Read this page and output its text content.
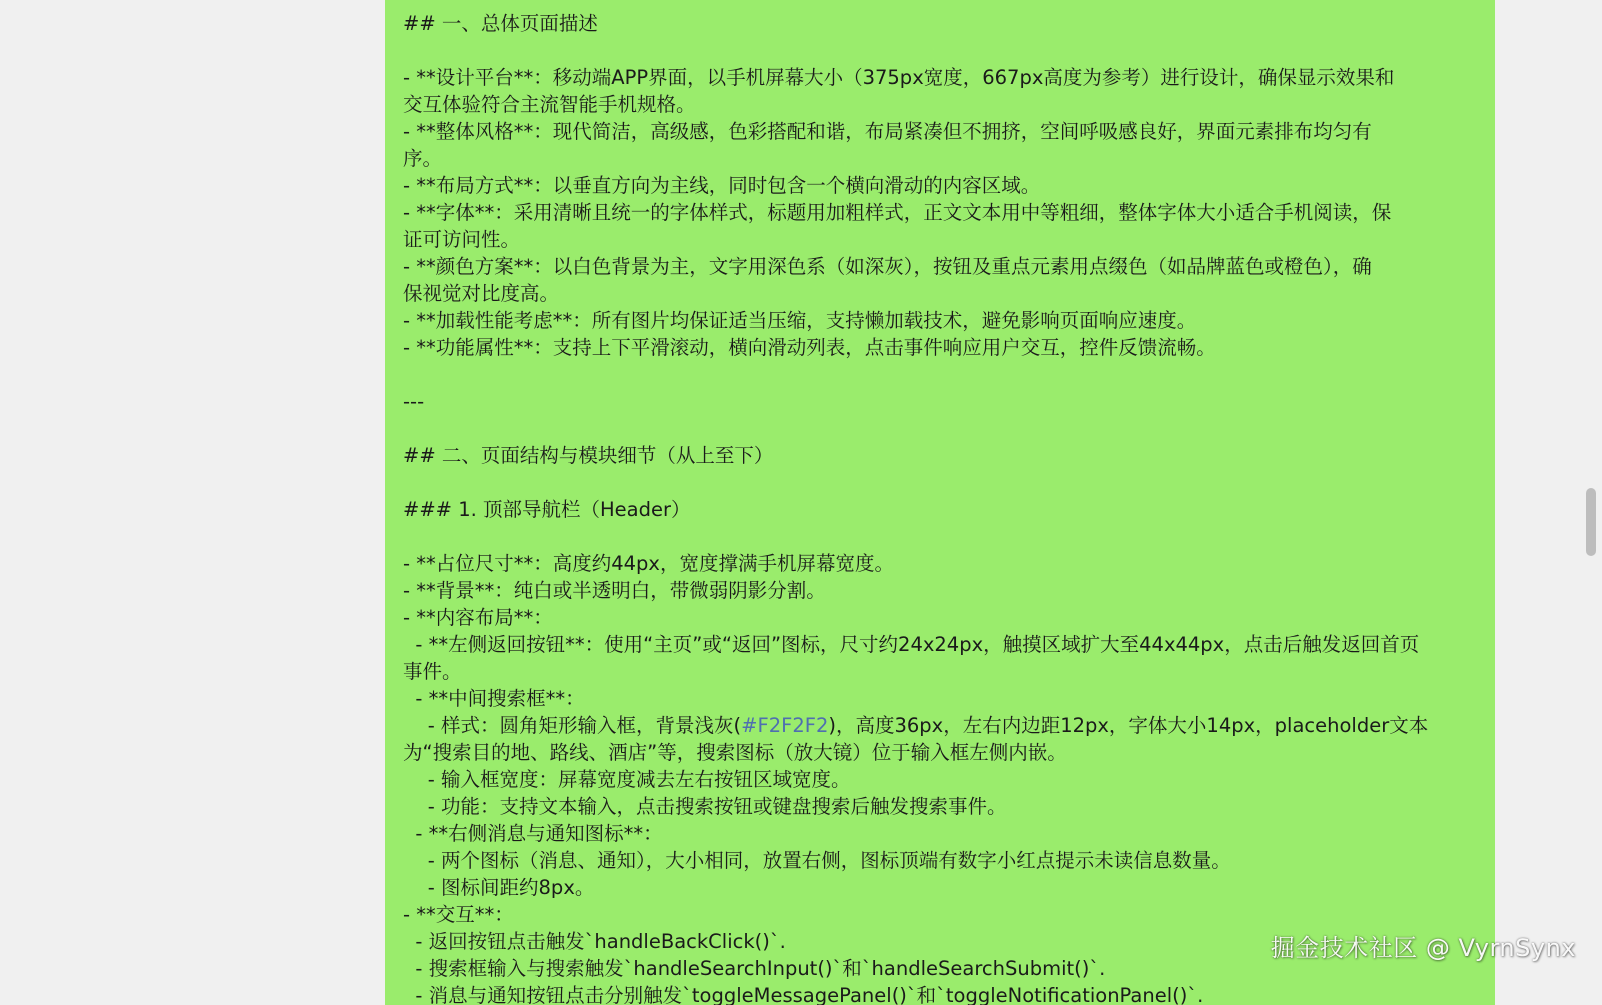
## 一、总体页面描述
- **设计平台**：移动端APP界面，以手机屏幕大小（375px宽度，667px高度为参考）进行设计，确保显示效果和
交互体验符合主流智能手机规格。
- **整体风格**：现代简洁，高级感，色彩搭配和谐，布局紧凑但不拥挤，空间呼吸感良好，界面元素排布均匀有
序。
- **布局方式**：以垂直方向为主线，同时包含一个横向滑动的内容区域。
- **字体**：采用清晰且统一的字体样式，标题用加粗样式，正文文本用中等粗细，整体字体大小适合手机阅读，保
证可访问性。
- **颜色方案**：以白色背景为主，文字用深色系（如深灰），按钮及重点元素用点缀色（如品牌蓝色或橙色），确
保视觉对比度高。
- **加载性能考虑**：所有图片均保证适当压缩，支持懒加载技术，避免影响页面响应速度。
- **功能属性**：支持上下平滑滚动，横向滑动列表，点击事件响应用户交互，控件反馈流畅。
---
## 二、页面结构与模块细节（从上至下）
### 1. 顶部导航栏（Header）
- **占位尺寸**：高度约44px，宽度撑满手机屏幕宽度。
- **背景**：纯白或半透明白，带微弱阴影分割。
- **内容布局**：
- **左侧返回按钮**：使用“主页”或“返回”图标，尺寸约24x24px，触摸区域扩大至44x44px，点击后触发返回首页
事件。
- **中间搜索框**：
- 样式：圆角矩形输入框，背景浅灰(#F2F2F2)，高度36px，左右内边距12px，字体大小14px，placeholder文本
为“搜索目的地、路线、酒店”等，搜索图标（放大镜）位于输入框左侧内嵌。
- 输入框宽度：屏幕宽度减去左右按钮区域宽度。
- 功能：支持文本输入，点击搜索按钮或键盘搜索后触发搜索事件。
- **右侧消息与通知图标**：
- 两个图标（消息、通知），大小相同，放置右侧，图标顶端有数字小红点提示未读信息数量。
- 图标间距约8px。
- **交互**：
- 返回按钮点击触发`handleBackClick()`.
- 搜索框输入与搜索触发`handleSearchInput()`和`handleSearchSubmit()`.
- 消息与通知按钮点击分别触发`toggleMessagePanel()`和`toggleNotificationPanel()`.
掘金技术社区 @ VyrnSynx
